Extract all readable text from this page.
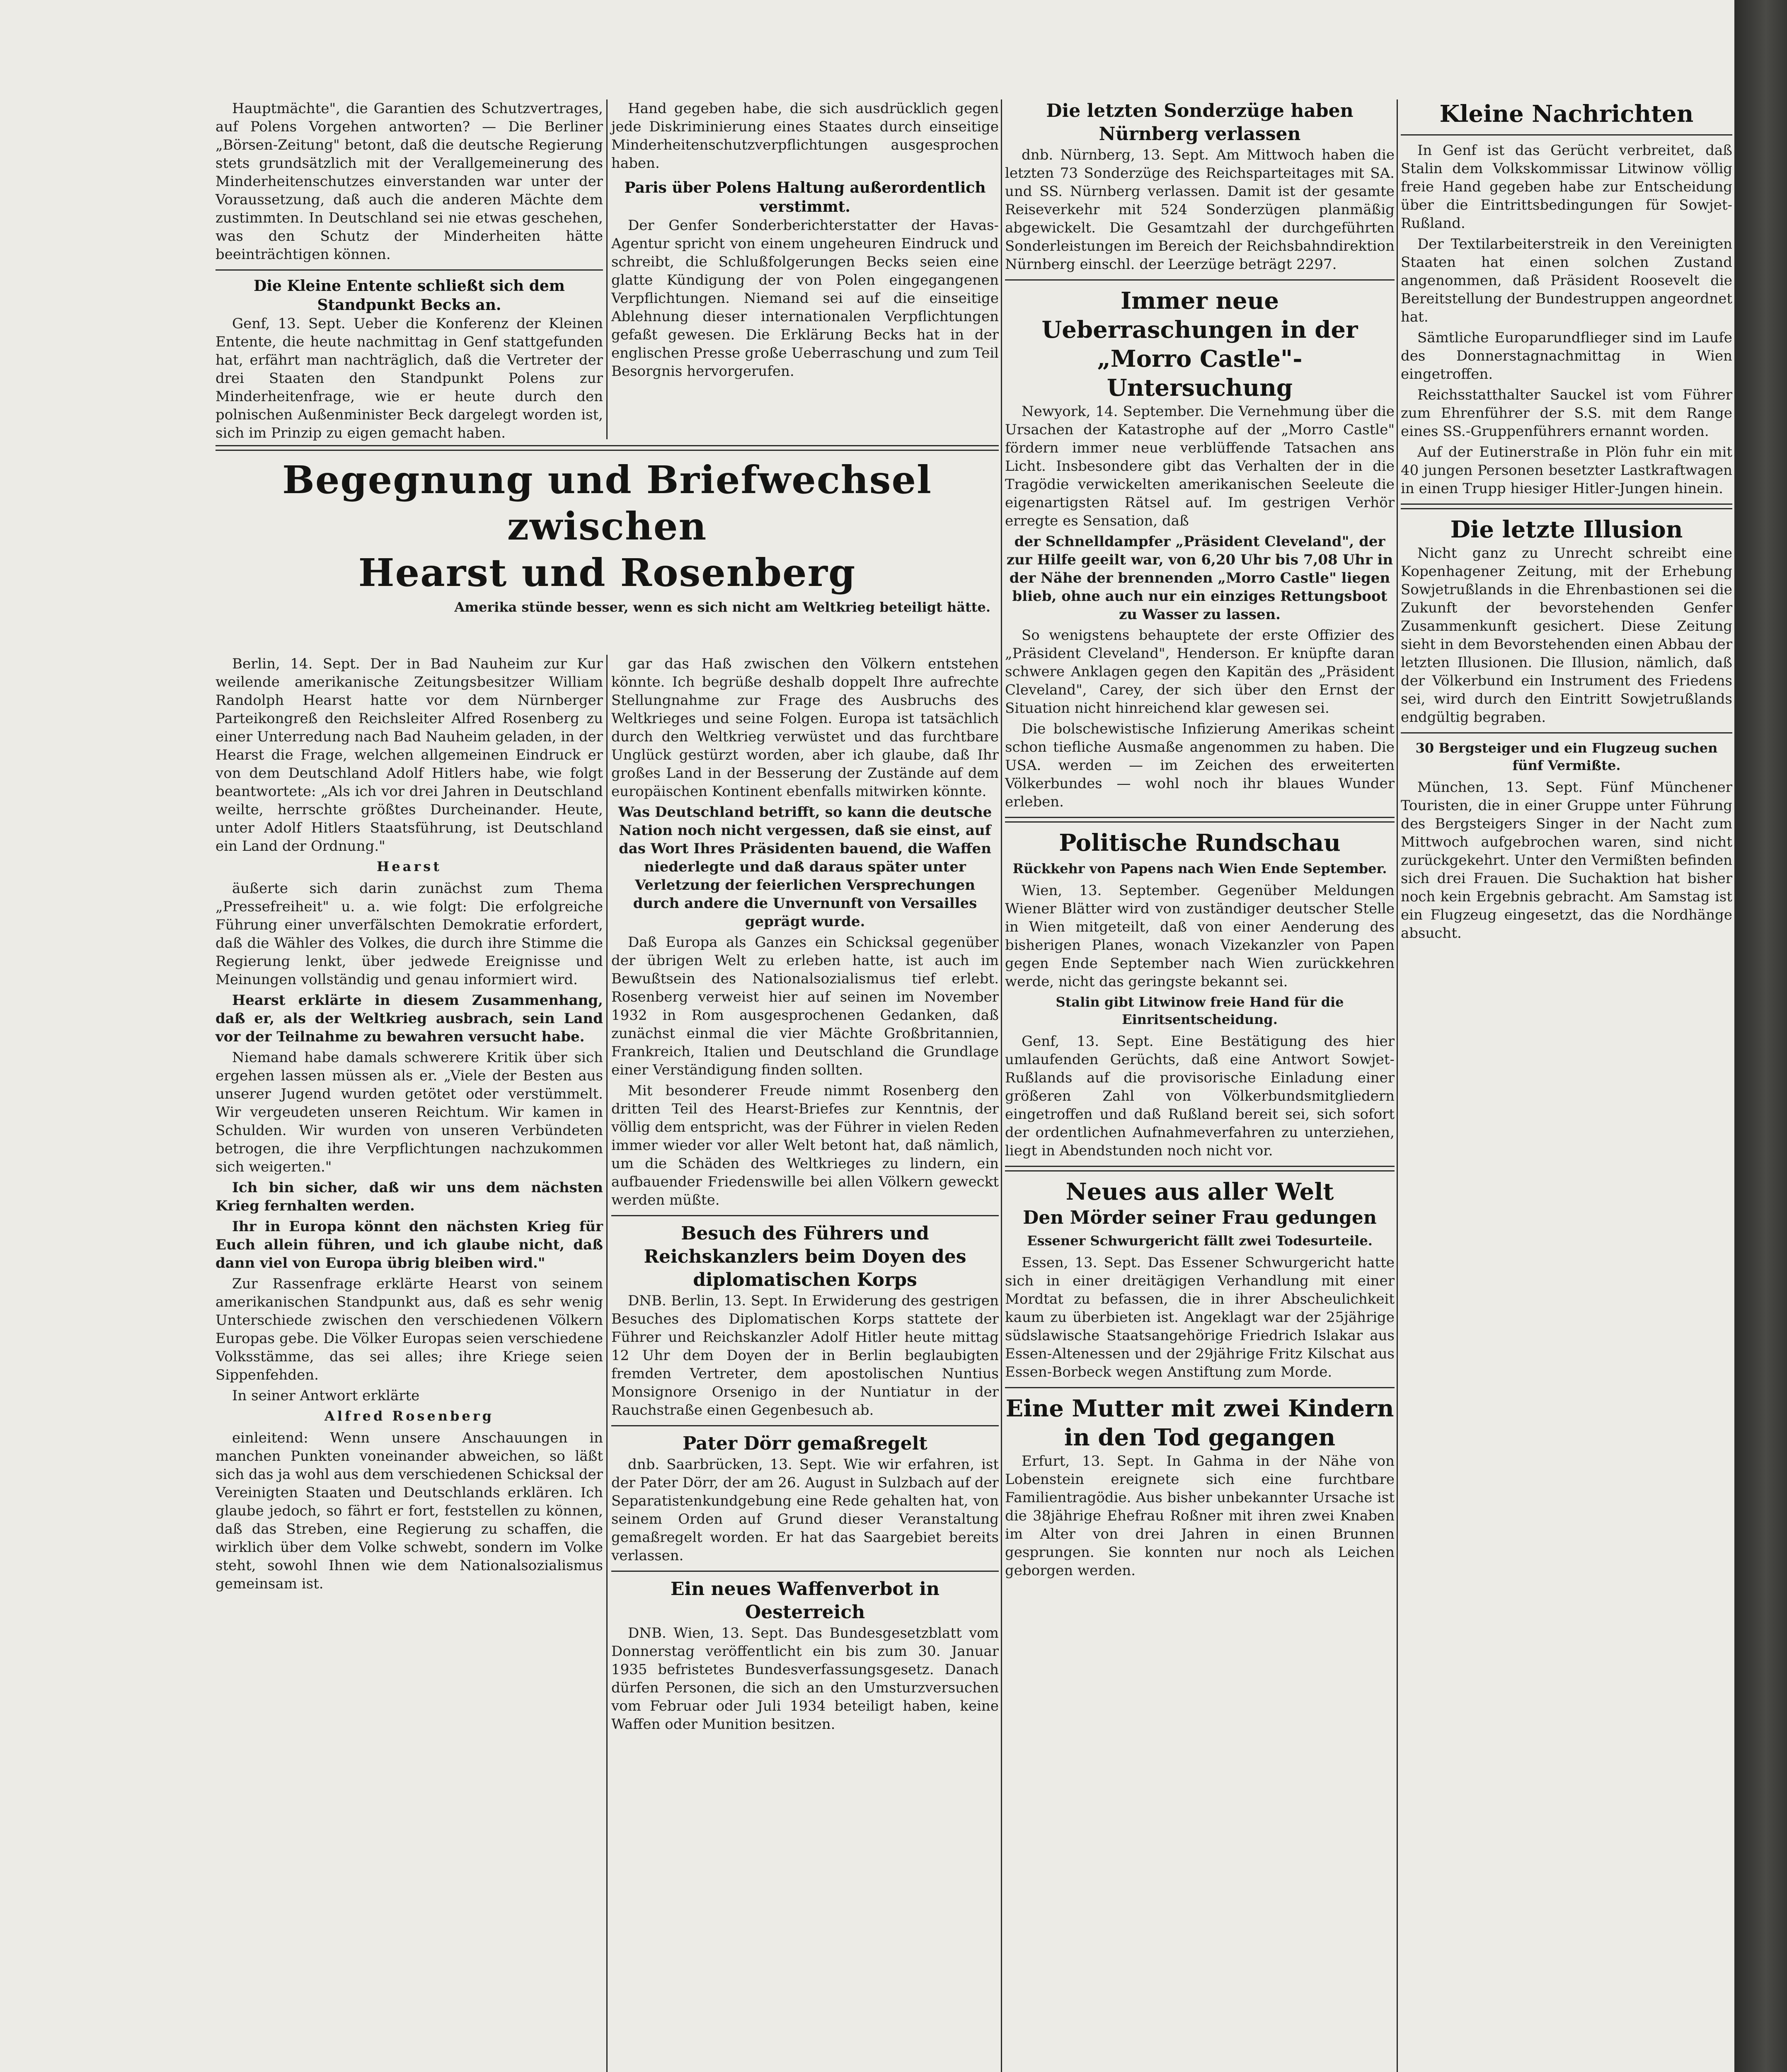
Hauptmächte", die Garantien des Schutzvertrages, auf Polens Vorgehen antworten? — Die Berliner „Börsen-Zeitung" betont, daß die deutsche Regierung stets grundsätzlich mit der Verallgemeinerung des Minderheitenschutzes einverstanden war unter der Voraussetzung, daß auch die anderen Mächte dem zustimmten. In Deutschland sei nie etwas geschehen, was den Schutz der Minderheiten hätte beeinträchtigen können.

Die Kleine Entente schließt sich dem Standpunkt Becks an.

Genf, 13. Sept. Ueber die Konferenz der Kleinen Entente, die heute nachmittag in Genf stattgefunden hat, erfährt man nachträglich, daß die Vertreter der drei Staaten den Standpunkt Polens zur Minderheitenfrage, wie er heute durch den polnischen Außenminister Beck dargelegt worden ist, sich im Prinzip zu eigen gemacht haben.

Hand gegeben habe, die sich ausdrücklich gegen jede Diskriminierung eines Staates durch einseitige Minderheitenschutzverpflichtungen ausgesprochen haben.

Paris über Polens Haltung außerordentlich verstimmt.

Der Genfer Sonderberichterstatter der Havas-Agentur spricht von einem ungeheuren Eindruck und schreibt, die Schlußfolgerungen Becks seien eine glatte Kündigung der von Polen eingegangenen Verpflichtungen. Niemand sei auf die einseitige Ablehnung dieser internationalen Verpflichtungen gefaßt gewesen. Die Erklärung Becks hat in der englischen Presse große Ueberraschung und zum Teil Besorgnis hervorgerufen.

Begegnung und Briefwechsel zwischen
Hearst und Rosenberg
Amerika stünde besser, wenn es sich nicht am Weltkrieg beteiligt hätte.

Berlin, 14. Sept. Der in Bad Nauheim zur Kur weilende amerikanische Zeitungsbesitzer William Randolph Hearst hatte vor dem Nürnberger Parteikongreß den Reichsleiter Alfred Rosenberg zu einer Unterredung nach Bad Nauheim geladen, in der Hearst die Frage, welchen allgemeinen Eindruck er von dem Deutschland Adolf Hitlers habe, wie folgt beantwortete: „Als ich vor drei Jahren in Deutschland weilte, herrschte größtes Durcheinander. Heute, unter Adolf Hitlers Staatsführung, ist Deutschland ein Land der Ordnung."

Hearst

äußerte sich darin zunächst zum Thema „Pressefreiheit" u. a. wie folgt: Die erfolgreiche Führung einer unverfälschten Demokratie erfordert, daß die Wähler des Volkes, die durch ihre Stimme die Regierung lenkt, über jedwede Ereignisse und Meinungen vollständig und genau informiert wird.

Hearst erklärte in diesem Zusammenhang, daß er, als der Weltkrieg ausbrach, sein Land vor der Teilnahme zu bewahren versucht habe.

Niemand habe damals schwerere Kritik über sich ergehen lassen müssen als er. „Viele der Besten aus unserer Jugend wurden getötet oder verstümmelt. Wir vergeudeten unseren Reichtum. Wir kamen in Schulden. Wir wurden von unseren Verbündeten betrogen, die ihre Verpflichtungen nachzukommen sich weigerten."

Ich bin sicher, daß wir uns dem nächsten Krieg fernhalten werden.

Ihr in Europa könnt den nächsten Krieg für Euch allein führen, und ich glaube nicht, daß dann viel von Europa übrig bleiben wird."

Zur Rassenfrage erklärte Hearst von seinem amerikanischen Standpunkt aus, daß es sehr wenig Unterschiede zwischen den verschiedenen Völkern Europas gebe. Die Völker Europas seien verschiedene Volksstämme, das sei alles; ihre Kriege seien Sippenfehden.

In seiner Antwort erklärte

Alfred Rosenberg

einleitend: Wenn unsere Anschauungen in manchen Punkten voneinander abweichen, so läßt sich das ja wohl aus dem verschiedenen Schicksal der Vereinigten Staaten und Deutschlands erklären. Ich glaube jedoch, so fährt er fort, feststellen zu können, daß das Streben, eine Regierung zu schaffen, die wirklich über dem Volke schwebt, sondern im Volke steht, sowohl Ihnen wie dem Nationalsozialismus gemeinsam ist.

gar das Haß zwischen den Völkern entstehen könnte. Ich begrüße deshalb doppelt Ihre aufrechte Stellungnahme zur Frage des Ausbruchs des Weltkrieges und seine Folgen. Europa ist tatsächlich durch den Weltkrieg verwüstet und das furchtbare Unglück gestürzt worden, aber ich glaube, daß Ihr großes Land in der Besserung der Zustände auf dem europäischen Kontinent ebenfalls mitwirken könnte.

Was Deutschland betrifft, so kann die deutsche Nation noch nicht vergessen, daß sie einst, auf das Wort Ihres Präsidenten bauend, die Waffen niederlegte und daß daraus später unter Verletzung der feierlichen Versprechungen durch andere die Unvernunft von Versailles geprägt wurde.

Daß Europa als Ganzes ein Schicksal gegenüber der übrigen Welt zu erleben hatte, ist auch im Bewußtsein des Nationalsozialismus tief erlebt. Rosenberg verweist hier auf seinen im November 1932 in Rom ausgesprochenen Gedanken, daß zunächst einmal die vier Mächte Großbritannien, Frankreich, Italien und Deutschland die Grundlage einer Verständigung finden sollten.

Mit besonderer Freude nimmt Rosenberg den dritten Teil des Hearst-Briefes zur Kenntnis, der völlig dem entspricht, was der Führer in vielen Reden immer wieder vor aller Welt betont hat, daß nämlich, um die Schäden des Weltkrieges zu lindern, ein aufbauender Friedenswille bei allen Völkern geweckt werden müßte.

Besuch des Führers und Reichskanzlers beim Doyen des diplomatischen Korps

DNB. Berlin, 13. Sept. In Erwiderung des gestrigen Besuches des Diplomatischen Korps stattete der Führer und Reichskanzler Adolf Hitler heute mittag 12 Uhr dem Doyen der in Berlin beglaubigten fremden Vertreter, dem apostolischen Nuntius Monsignore Orsenigo in der Nuntiatur in der Rauchstraße einen Gegenbesuch ab.

Pater Dörr gemaßregelt

dnb. Saarbrücken, 13. Sept. Wie wir erfahren, ist der Pater Dörr, der am 26. August in Sulzbach auf der Separatistenkundgebung eine Rede gehalten hat, von seinem Orden auf Grund dieser Veranstaltung gemaßregelt worden. Er hat das Saargebiet bereits verlassen.

Ein neues Waffenverbot in Oesterreich

DNB. Wien, 13. Sept. Das Bundesgesetzblatt vom Donnerstag veröffentlicht ein bis zum 30. Januar 1935 befristetes Bundesverfassungsgesetz. Danach dürfen Personen, die sich an den Umsturzversuchen vom Februar oder Juli 1934 beteiligt haben, keine Waffen oder Munition besitzen.

Die letzten Sonderzüge haben Nürnberg verlassen

dnb. Nürnberg, 13. Sept. Am Mittwoch haben die letzten 73 Sonderzüge des Reichsparteitages mit SA. und SS. Nürnberg verlassen. Damit ist der gesamte Reiseverkehr mit 524 Sonderzügen planmäßig abgewickelt. Die Gesamtzahl der durchgeführten Sonderleistungen im Bereich der Reichsbahndirektion Nürnberg einschl. der Leerzüge beträgt 2297.

Immer neue Ueberraschungen in der „Morro Castle"-Untersuchung

Newyork, 14. September. Die Vernehmung über die Ursachen der Katastrophe auf der „Morro Castle" fördern immer neue verblüffende Tatsachen ans Licht. Insbesondere gibt das Verhalten der in die Tragödie verwickelten amerikanischen Seeleute die eigenartigsten Rätsel auf. Im gestrigen Verhör erregte es Sensation, daß

der Schnelldampfer „Präsident Cleveland", der zur Hilfe geeilt war, von 6,20 Uhr bis 7,08 Uhr in der Nähe der brennenden „Morro Castle" liegen blieb, ohne auch nur ein einziges Rettungsboot zu Wasser zu lassen.

So wenigstens behauptete der erste Offizier des „Präsident Cleveland", Henderson. Er knüpfte daran schwere Anklagen gegen den Kapitän des „Präsident Cleveland", Carey, der sich über den Ernst der Situation nicht hinreichend klar gewesen sei.

Die bolschewistische Infizierung Amerikas scheint schon tiefliche Ausmaße angenommen zu haben. Die USA. werden — im Zeichen des erweiterten Völkerbundes — wohl noch ihr blaues Wunder erleben.

Politische Rundschau
Rückkehr von Papens nach Wien Ende September.

Wien, 13. September. Gegenüber Meldungen Wiener Blätter wird von zuständiger deutscher Stelle in Wien mitgeteilt, daß von einer Aenderung des bisherigen Planes, wonach Vizekanzler von Papen gegen Ende September nach Wien zurückkehren werde, nicht das geringste bekannt sei.

Stalin gibt Litwinow freie Hand für die Einritsentscheidung.

Genf, 13. Sept. Eine Bestätigung des hier umlaufenden Gerüchts, daß eine Antwort Sowjet-Rußlands auf die provisorische Einladung einer größeren Zahl von Völkerbundsmitgliedern eingetroffen und daß Rußland bereit sei, sich sofort der ordentlichen Aufnahmeverfahren zu unterziehen, liegt in Abendstunden noch nicht vor.

Neues aus aller Welt
Den Mörder seiner Frau gedungen
Essener Schwurgericht fällt zwei Todesurteile.

Essen, 13. Sept. Das Essener Schwurgericht hatte sich in einer dreitägigen Verhandlung mit einer Mordtat zu befassen, die in ihrer Abscheulichkeit kaum zu überbieten ist. Angeklagt war der 25jährige südslawische Staatsangehörige Friedrich Islakar aus Essen-Altenessen und der 29jährige Fritz Kilschat aus Essen-Borbeck wegen Anstiftung zum Morde.

Eine Mutter mit zwei Kindern in den Tod gegangen

Erfurt, 13. Sept. In Gahma in der Nähe von Lobenstein ereignete sich eine furchtbare Familientragödie. Aus bisher unbekannter Ursache ist die 38jährige Ehefrau Roßner mit ihren zwei Knaben im Alter von drei Jahren in einen Brunnen gesprungen. Sie konnten nur noch als Leichen geborgen werden.

Kleine Nachrichten

In Genf ist das Gerücht verbreitet, daß Stalin dem Volkskommissar Litwinow völlig freie Hand gegeben habe zur Entscheidung über die Eintrittsbedingungen für Sowjet-Rußland.

Der Textilarbeiterstreik in den Vereinigten Staaten hat einen solchen Zustand angenommen, daß Präsident Roosevelt die Bereitstellung der Bundestruppen angeordnet hat.

Sämtliche Europarundflieger sind im Laufe des Donnerstagnachmittag in Wien eingetroffen.

Reichsstatthalter Sauckel ist vom Führer zum Ehrenführer der S.S. mit dem Range eines SS.-Gruppenführers ernannt worden.

Auf der Eutinerstraße in Plön fuhr ein mit 40 jungen Personen besetzter Lastkraftwagen in einen Trupp hiesiger Hitler-Jungen hinein.

Die letzte Illusion

Nicht ganz zu Unrecht schreibt eine Kopenhagener Zeitung, mit der Erhebung Sowjetrußlands in die Ehrenbastionen sei die Zukunft der bevorstehenden Genfer Zusammenkunft gesichert. Diese Zeitung sieht in dem Bevorstehenden einen Abbau der letzten Illusionen. Die Illusion, nämlich, daß der Völkerbund ein Instrument des Friedens sei, wird durch den Eintritt Sowjetrußlands endgültig begraben.

30 Bergsteiger und ein Flugzeug suchen fünf Vermißte.

München, 13. Sept. Fünf Münchener Touristen, die in einer Gruppe unter Führung des Bergsteigers Singer in der Nacht zum Mittwoch aufgebrochen waren, sind nicht zurückgekehrt. Unter den Vermißten befinden sich drei Frauen. Die Suchaktion hat bisher noch kein Ergebnis gebracht. Am Samstag ist ein Flugzeug eingesetzt, das die Nordhänge absucht.
